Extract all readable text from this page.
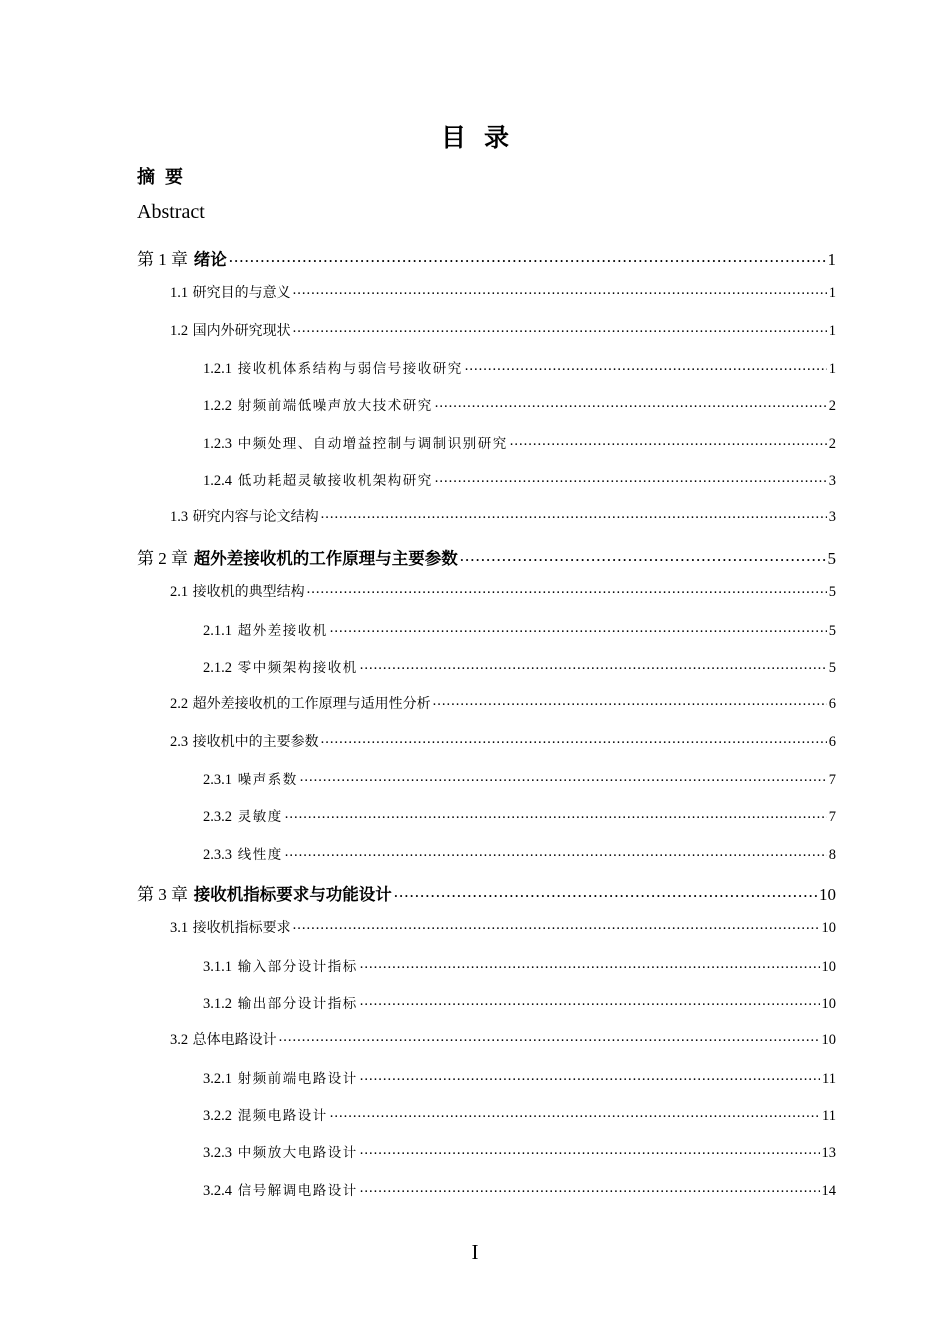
目录
摘要
Abstract
第 1 章 绪论 .....	1
1.1 研究目的与意义 .....	1
1.2 国内外研究现状 .....	1
1.2.1 接收机体系结构与弱信号接收研究 .....	1
1.2.2 射频前端低噪声放大技术研究 .....	2
1.2.3 中频处理、自动增益控制与调制识别研究 .....	2
1.2.4 低功耗超灵敏接收机架构研究 .....	3
1.3 研究内容与论文结构 .....	3
第 2 章 超外差接收机的工作原理与主要参数 .....	5
2.1 接收机的典型结构 .....	5
2.1.1 超外差接收机 .....	5
2.1.2 零中频架构接收机 .....	5
2.2 超外差接收机的工作原理与适用性分析 .....	6
2.3 接收机中的主要参数 .....	6
2.3.1 噪声系数 .....	7
2.3.2 灵敏度 .....	7
2.3.3 线性度 .....	8
第 3 章 接收机指标要求与功能设计 .....	10
3.1 接收机指标要求 .....	10
3.1.1 输入部分设计指标 .....	10
3.1.2 输出部分设计指标 .....	10
3.2 总体电路设计 .....	10
3.2.1 射频前端电路设计 .....	11
3.2.2 混频电路设计 .....	11
3.2.3 中频放大电路设计 .....	13
3.2.4 信号解调电路设计 .....	14
I
